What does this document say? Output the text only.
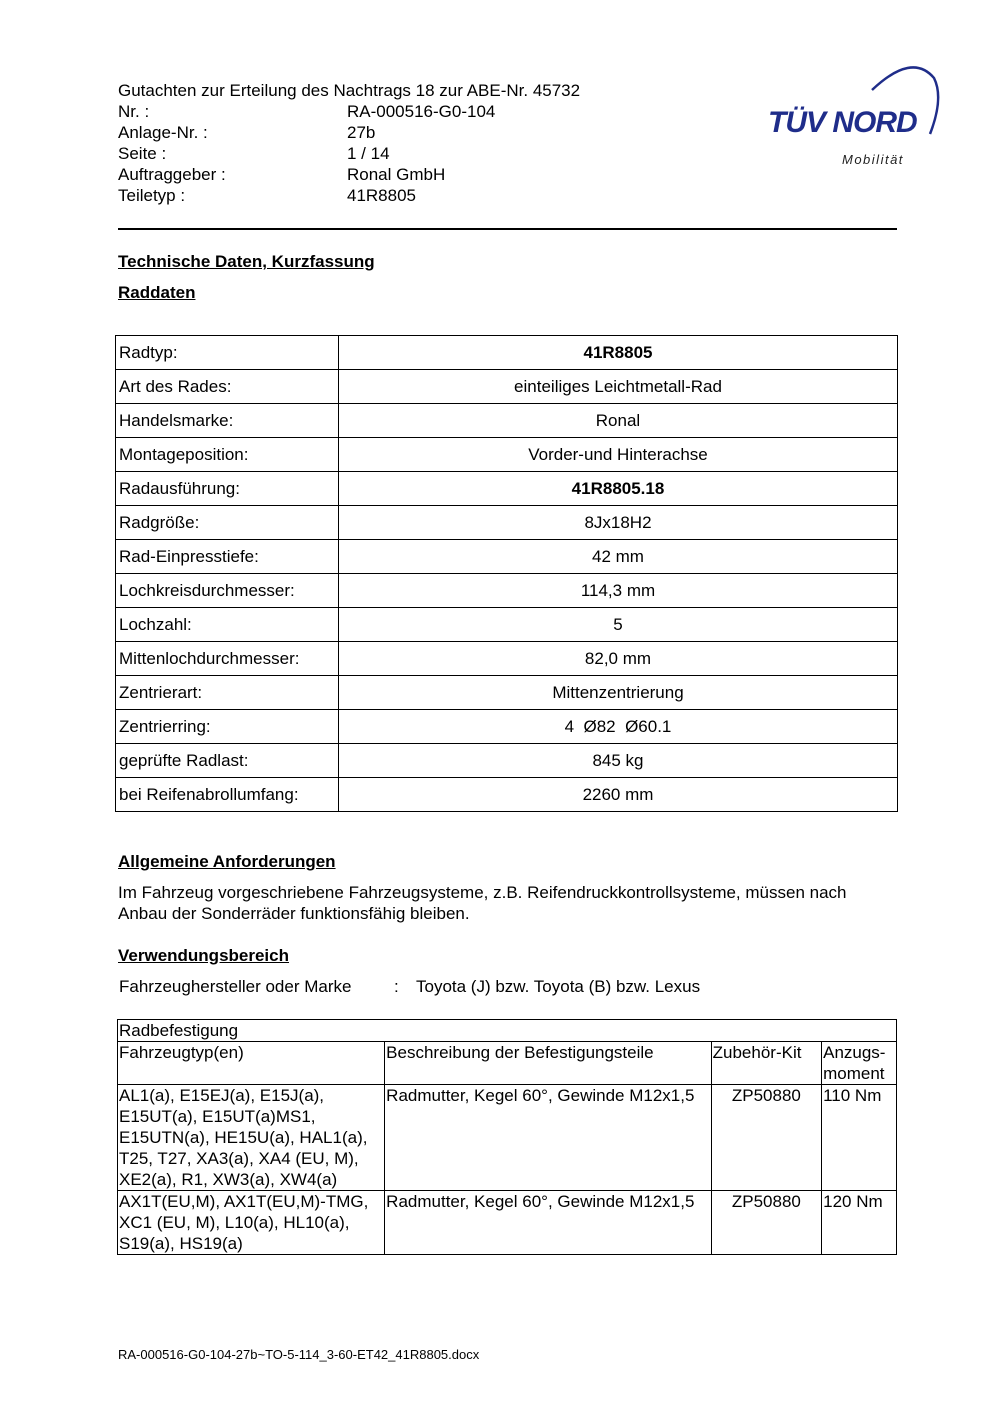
Gutachten zur Erteilung des Nachtrags 18 zur ABE-Nr. 45732
Nr. :	RA-000516-G0-104
Anlage-Nr. :	27b
Seite :	1 / 14
Auftraggeber :	Ronal GmbH
Teiletyp :	41R8805
TÜV NORD
Mobilität
Technische Daten, Kurzfassung
Raddaten
Radtyp:	41R8805
Art des Rades:	einteiliges Leichtmetall-Rad
Handelsmarke:	Ronal
Montageposition:	Vorder-und Hinterachse
Radausführung:	41R8805.18
Radgröße:	8Jx18H2
Rad-Einpresstiefe:	42 mm
Lochkreisdurchmesser:	114,3 mm
Lochzahl:	5
Mittenlochdurchmesser:	82,0 mm
Zentrierart:	Mittenzentrierung
Zentrierring:	4  Ø82  Ø60.1
geprüfte Radlast:	845 kg
bei Reifenabrollumfang:	2260 mm
Allgemeine Anforderungen
Im Fahrzeug vorgeschriebene Fahrzeugsysteme, z.B. Reifendruckkontrollsysteme, müssen nach Anbau der Sonderräder funktionsfähig bleiben.
Verwendungsbereich
Fahrzeughersteller oder Marke	:	Toyota (J) bzw. Toyota (B) bzw. Lexus
Radbefestigung			
Fahrzeugtyp(en)	Beschreibung der Befestigungsteile	Zubehör-Kit	Anzugs-moment
AL1(a), E15EJ(a), E15J(a), E15UT(a), E15UT(a)MS1, E15UTN(a), HE15U(a), HAL1(a), T25, T27, XA3(a), XA4 (EU, M), XE2(a), R1, XW3(a), XW4(a)	Radmutter, Kegel 60°, Gewinde M12x1,5	ZP50880	110 Nm
AX1T(EU,M), AX1T(EU,M)-TMG, XC1 (EU, M), L10(a), HL10(a), S19(a), HS19(a)	Radmutter, Kegel 60°, Gewinde M12x1,5	ZP50880	120 Nm
RA-000516-G0-104-27b~TO-5-114_3-60-ET42_41R8805.docx
